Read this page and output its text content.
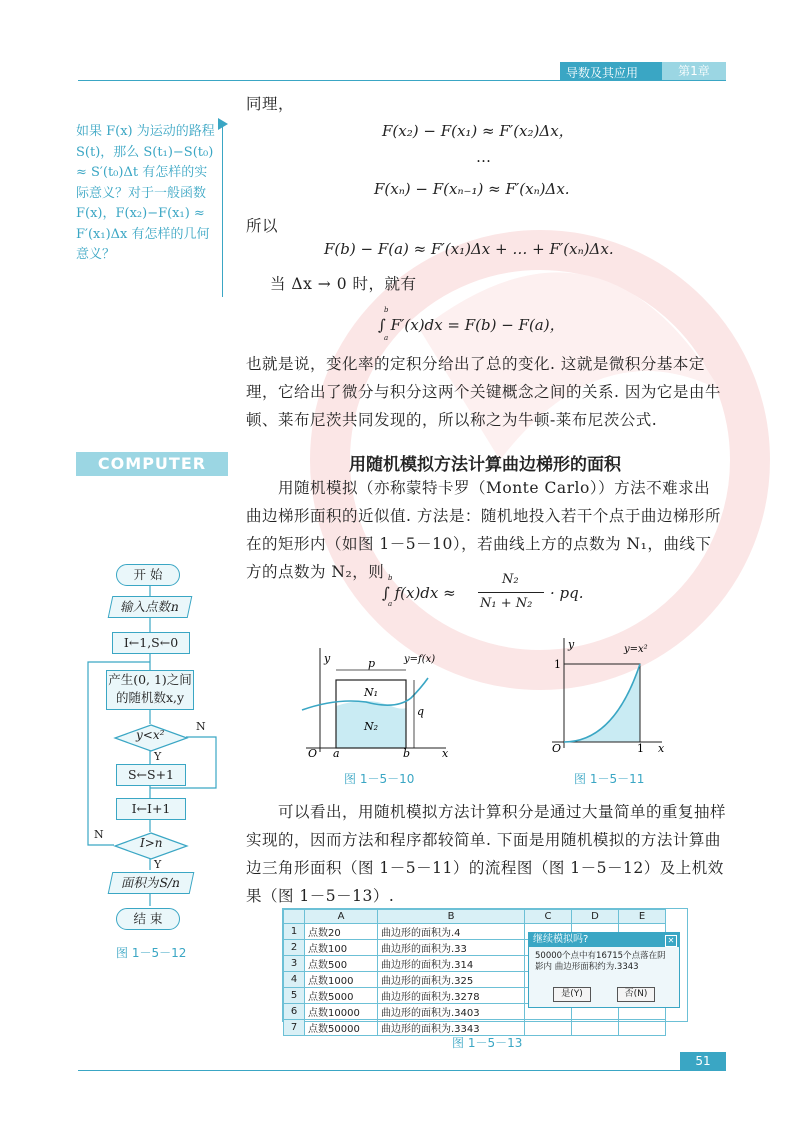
导数及其应用	第1章
如果 F(x) 为运动的路程 S(t)，那么 S(t₁)−S(t₀) ≈ S′(t₀)Δt 有怎样的实际意义？对于一般函数 F(x)，F(x₂)−F(x₁) ≈ F′(x₁)Δx 有怎样的几何意义？
同理，
F(x₂) − F(x₁) ≈ F′(x₂)Δx，
…
F(xₙ) − F(xₙ₋₁) ≈ F′(xₙ)Δx.
所以
F(b) − F(a) ≈ F′(x₁)Δx + … + F′(xₙ)Δx.
当 Δx → 0 时，就有
b
a
∫ F′(x)dx = F(b) − F(a)，
也就是说，变化率的定积分给出了总的变化. 这就是微积分基本定理，它给出了微分与积分这两个关键概念之间的关系. 因为它是由牛顿、莱布尼茨共同发现的，所以称之为牛顿-莱布尼茨公式.
COMPUTER	用随机模拟方法计算曲边梯形的面积
用随机模拟（亦称蒙特卡罗（Monte Carlo））方法不难求出曲边梯形面积的近似值. 方法是：随机地投入若干个点于曲边梯形所在的矩形内（如图 1－5－10），若曲线上方的点数为 N₁，曲线下方的点数为 N₂，则 b
a
∫ f(x)dx ≈
N₂
N₁ + N₂
· pq.
y
x
O a	b
p
q
N₁
N₂
y=f(x)
图 1－5－10
y
x
O	1
1
y=x²
图 1－5－11
可以看出，用随机模拟方法计算积分是通过大量简单的重复抽样实现的，因而方法和程序都较简单. 下面是用随机模拟的方法计算曲边三角形面积（图 1－5－11）的流程图（图 1－5－12）及上机效果（图 1－5－13）.
开 始
输入点数n
I←1,S←0
产生(0, 1)之间
的随机数x,y
y<x²
Y
N
S←S+1
I←I+1
I>n
Y
N
面积为S/n
结 束
图 1－5－12
	A	B	C	D	E
1	点数20	曲边形的面积为.4			
2	点数100	曲边形的面积为.33			
3	点数500	曲边形的面积为.314			
4	点数1000	曲边形的面积为.325			
5	点数5000	曲边形的面积为.3278			
6	点数10000	曲边形的面积为.3403			
7	点数50000	曲边形的面积为.3343			
继续模拟吗?	✕
50000个点中有16715个点落在阴影内 曲边形面积约为.3343
是(Y)	否(N)
图 1－5－13
51
